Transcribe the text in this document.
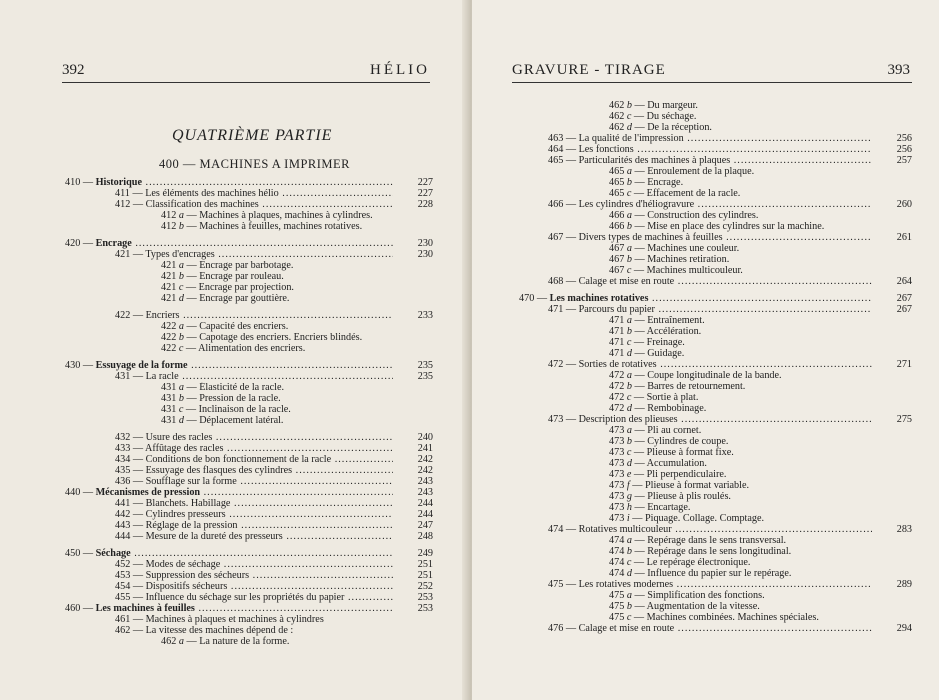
392	HÉLIO
QUATRIÈME PARTIE
400 — MACHINES A IMPRIMER
410 — Historique .....	227
411 — Les éléments des machines hélio .....	227
412 — Classification des machines .....	228
412 a — Machines à plaques, machines à cylindres.
412 b — Machines à feuilles, machines rotatives.
420 — Encrage .....	230
421 — Types d'encrages .....	230
421 a — Encrage par barbotage.
421 b — Encrage par rouleau.
421 c — Encrage par projection.
421 d — Encrage par gouttière.
422 — Encriers .....	233
422 a — Capacité des encriers.
422 b — Capotage des encriers. Encriers blindés.
422 c — Alimentation des encriers.
430 — Essuyage de la forme .....	235
431 — La racle .....	235
431 a — Élasticité de la racle.
431 b — Pression de la racle.
431 c — Inclinaison de la racle.
431 d — Déplacement latéral.
432 — Usure des racles .....	240
433 — Affûtage des racles .....	241
434 — Conditions de bon fonctionnement de la racle .....	242
435 — Essuyage des flasques des cylindres .....	242
436 — Soufflage sur la forme .....	243
440 — Mécanismes de pression .....	243
441 — Blanchets. Habillage .....	244
442 — Cylindres presseurs .....	244
443 — Réglage de la pression .....	247
444 — Mesure de la dureté des presseurs .....	248
450 — Séchage .....	249
452 — Modes de séchage .....	251
453 — Suppression des sécheurs .....	251
454 — Dispositifs sécheurs .....	252
455 — Influence du séchage sur les propriétés du papier .....	253
460 — Les machines à feuilles .....	253
461 — Machines à plaques et machines à cylindres
462 — La vitesse des machines dépend de :
462 a — La nature de la forme.
GRAVURE - TIRAGE	393
462 b — Du margeur.
462 c — Du séchage.
462 d — De la réception.
463 — La qualité de l'impression .....	256
464 — Les fonctions .....	256
465 — Particularités des machines à plaques .....	257
465 a — Enroulement de la plaque.
465 b — Encrage.
465 c — Effacement de la racle.
466 — Les cylindres d'héliogravure .....	260
466 a — Construction des cylindres.
466 b — Mise en place des cylindres sur la machine.
467 — Divers types de machines à feuilles .....	261
467 a — Machines une couleur.
467 b — Machines retiration.
467 c — Machines multicouleur.
468 — Calage et mise en route .....	264
470 — Les machines rotatives .....	267
471 — Parcours du papier .....	267
471 a — Entraînement.
471 b — Accélération.
471 c — Freinage.
471 d — Guidage.
472 — Sorties de rotatives .....	271
472 a — Coupe longitudinale de la bande.
472 b — Barres de retournement.
472 c — Sortie à plat.
472 d — Rembobinage.
473 — Description des plieuses .....	275
473 a — Pli au cornet.
473 b — Cylindres de coupe.
473 c — Plieuse à format fixe.
473 d — Accumulation.
473 e — Pli perpendiculaire.
473 f — Plieuse à format variable.
473 g — Plieuse à plis roulés.
473 h — Encartage.
473 i — Piquage. Collage. Comptage.
474 — Rotatives multicouleur .....	283
474 a — Repérage dans le sens transversal.
474 b — Repérage dans le sens longitudinal.
474 c — Le repérage électronique.
474 d — Influence du papier sur le repérage.
475 — Les rotatives modernes .....	289
475 a — Simplification des fonctions.
475 b — Augmentation de la vitesse.
475 c — Machines combinées. Machines spéciales.
476 — Calage et mise en route .....	294
